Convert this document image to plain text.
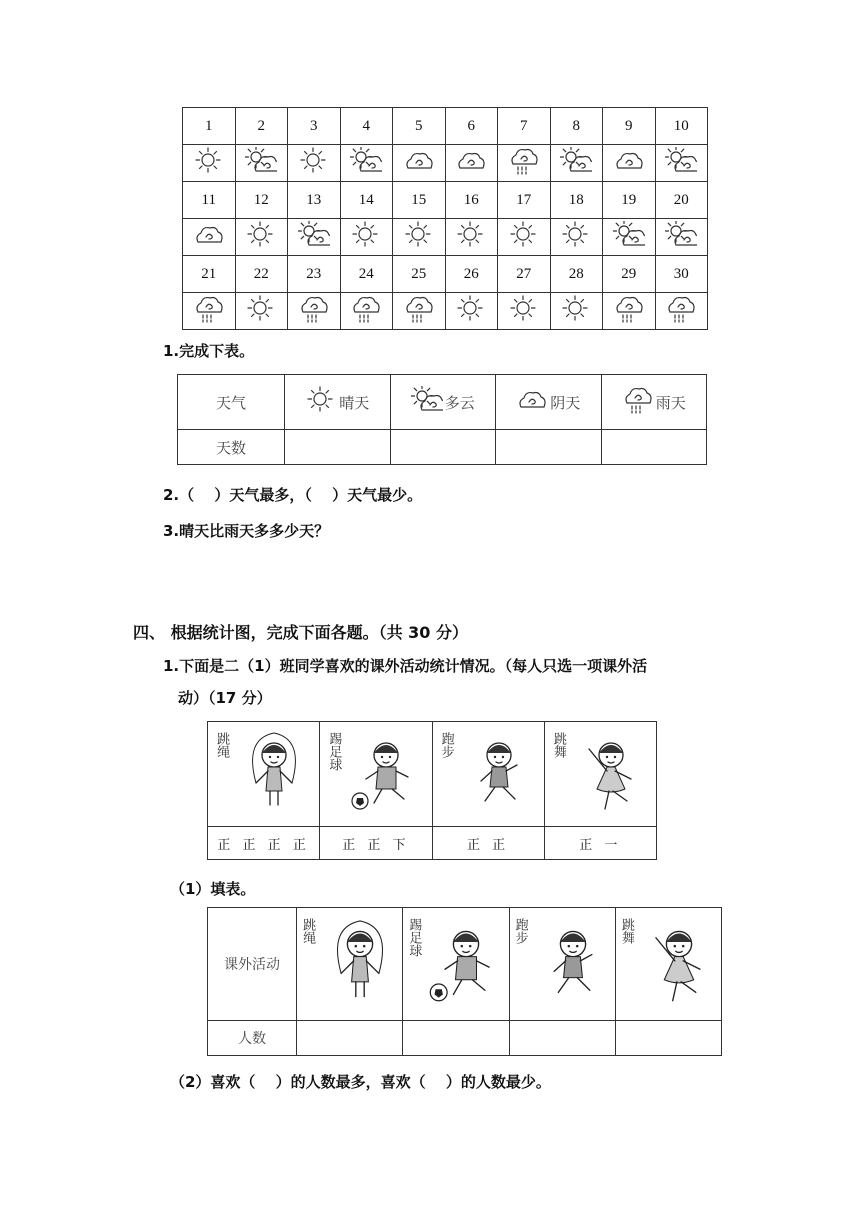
1	2	3	4	5	6	7	8	9	10

11	12	13	14	15	16	17	18	19	20

21	22	23	24	25	26	27	28	29	30

1.完成下表。
天气	晴天	多云	阴天	雨天

天数				
2.（　 ）天气最多，（　 ）天气最少。
3.晴天比雨天多多少天？
四、 根据统计图，完成下面各题。（共 30 分）
1.下面是二（1）班同学喜欢的课外活动统计情况。（每人只选一项课外活
动）（17 分）
跳绳	踢足球	跑步	跳舞

正 正 正 正	正 正 下	正 正	正 一
（1）填表。
课外活动	跳绳	踢足球	跑步	跳舞

人数				
（2）喜欢（　 ）的人数最多，喜欢（　 ）的人数最少。
